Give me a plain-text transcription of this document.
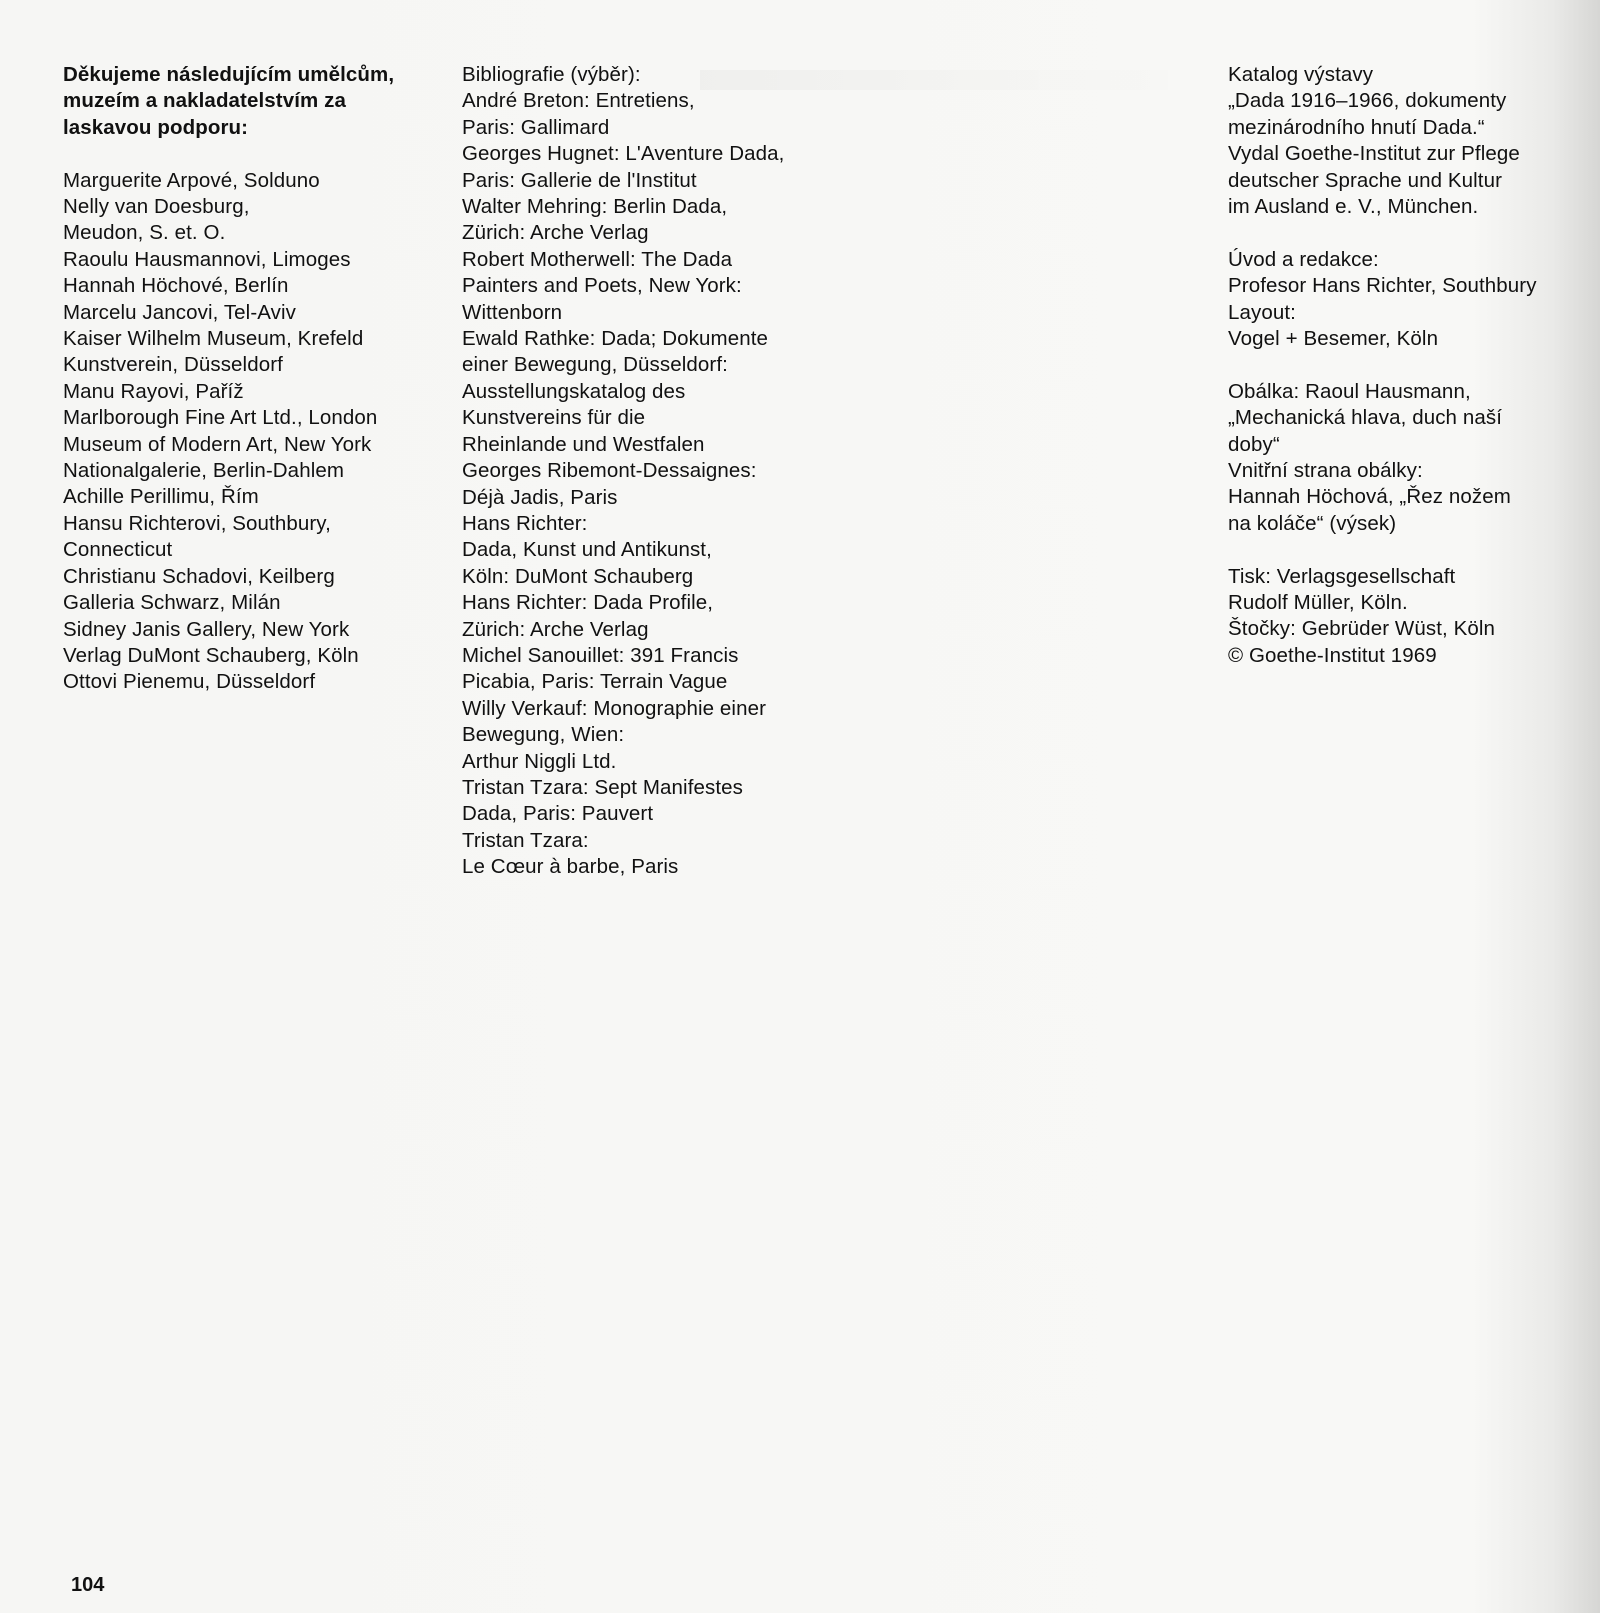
Děkujeme následujícím umělcům,
muzeím a nakladatelstvím za
laskavou podporu:
Marguerite Arpové, Solduno
Nelly van Doesburg,
Meudon, S. et. O.
Raoulu Hausmannovi, Limoges
Hannah Höchové, Berlín
Marcelu Jancovi, Tel-Aviv
Kaiser Wilhelm Museum, Krefeld
Kunstverein, Düsseldorf
Manu Rayovi, Paříž
Marlborough Fine Art Ltd., London
Museum of Modern Art, New York
Nationalgalerie, Berlin-Dahlem
Achille Perillimu, Řím
Hansu Richterovi, Southbury,
Connecticut
Christianu Schadovi, Keilberg
Galleria Schwarz, Milán
Sidney Janis Gallery, New York
Verlag DuMont Schauberg, Köln
Ottovi Pienemu, Düsseldorf
Bibliografie (výběr):
André Breton: Entretiens,
Paris: Gallimard
Georges Hugnet: L'Aventure Dada,
Paris: Gallerie de l'Institut
Walter Mehring: Berlin Dada,
Zürich: Arche Verlag
Robert Motherwell: The Dada
Painters and Poets, New York:
Wittenborn
Ewald Rathke: Dada; Dokumente
einer Bewegung, Düsseldorf:
Ausstellungskatalog des
Kunstvereins für die
Rheinlande und Westfalen
Georges Ribemont-Dessaignes:
Déjà Jadis, Paris
Hans Richter:
Dada, Kunst und Antikunst,
Köln: DuMont Schauberg
Hans Richter: Dada Profile,
Zürich: Arche Verlag
Michel Sanouillet: 391 Francis
Picabia, Paris: Terrain Vague
Willy Verkauf: Monographie einer
Bewegung, Wien:
Arthur Niggli Ltd.
Tristan Tzara: Sept Manifestes
Dada, Paris: Pauvert
Tristan Tzara:
Le Cœur à barbe, Paris
Katalog výstavy
„Dada 1916–1966, dokumenty
mezinárodního hnutí Dada.“
Vydal Goethe-Institut zur Pflege
deutscher Sprache und Kultur
im Ausland e. V., München.
Úvod a redakce:
Profesor Hans Richter, Southbury
Layout:
Vogel + Besemer, Köln
Obálka: Raoul Hausmann,
„Mechanická hlava, duch naší
doby“
Vnitřní strana obálky:
Hannah Höchová, „Řez nožem
na koláče“ (výsek)
Tisk: Verlagsgesellschaft
Rudolf Müller, Köln.
Štočky: Gebrüder Wüst, Köln
© Goethe-Institut 1969
104
